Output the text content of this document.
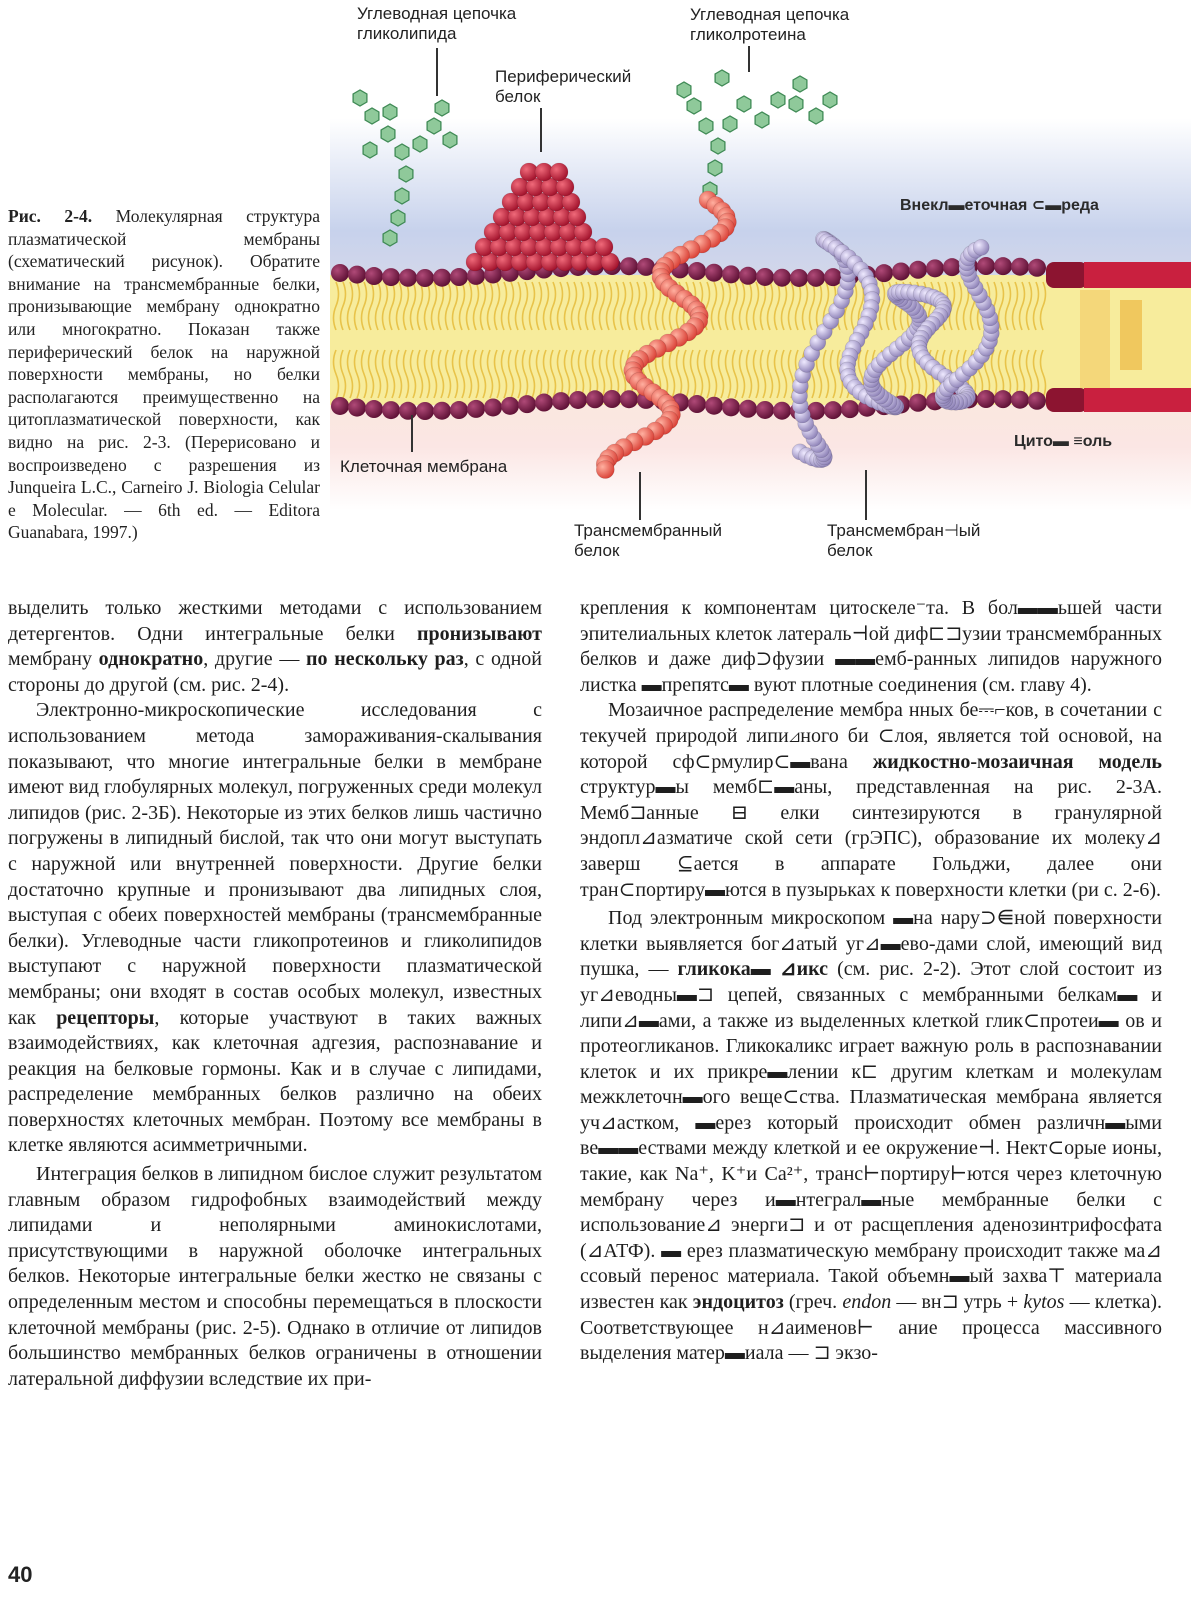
Углеводная цепочка
гликолипида
Углеводная цепочка
гликолротеина
Периферический
белок
Внекл▬еточная ⊂▬реда
Цито▬ ≡оль
Клеточная мембрана
Трансмембранный
белок
Трансмембран⊣ый
белок
Рис. 2-4. Молекулярная структура плазматической мембраны (схематический рисунок). Обратите внимание на трансмембранные белки, пронизывающие мембрану однократно или многократно. Показан также периферический белок на наружной поверхности мембраны, но белки располагаются преимущественно на цитоплазматической поверхности, как видно на рис. 2-3. (Перерисовано и воспроизведено с разрешения из Junqueira L.C., Carneiro J. Biologia Celular e Molecular. — 6th ed. — Editora Guanabara, 1997.)

выделить только жесткими методами с использованием детергентов. Одни интегральные белки пронизывают мембрану однократно, другие — по нескольку раз, с одной стороны до другой (см. рис. 2-4).

Электронно-микроскопические исследования с использованием метода замораживания-скалывания показывают, что многие интегральные белки в мембране имеют вид глобулярных молекул, погруженных среди молекул липидов (рис. 2-3Б). Некоторые из этих белков лишь частично погружены в липидный бислой, так что они могут выступать с наружной или внутренней поверхности. Другие белки достаточно крупные и пронизывают два липидных слоя, выступая с обеих поверхностей мембраны (трансмембранные белки). Углеводные части гликопротеинов и гликолипидов выступают с наружной поверхности плазматической мембраны; они входят в состав особых молекул, известных как рецепторы, которые участвуют в таких важных взаимодействиях, как клеточная адгезия, распознавание и реакция на белковые гормоны. Как и в случае с липидами, распределение мембранных белков различно на обеих поверхностях клеточных мембран. Поэтому все мембраны в клетке являются асимметричными.

Интеграция белков в липидном бислое служит результатом главным образом гидрофобных взаимодействий между липидами и неполярными аминокислотами, присутствующими в наружной оболочке интегральных белков. Некоторые интегральные белки жестко не связаны с определенным местом и способны перемещаться в плоскости клеточной мембраны (рис. 2-5). Однако в отличие от липидов большинство мембранных белков ограничены в отношении латеральной диффузии вследствие их при-

крепления к компонентам цитоскеле⁻та. В бол▬▬ьшей части эпителиальных клеток латераль⊣ой диф⊏⊐узии трансмембранных белков и даже диф⊃фузии ▬▬емб-ранных липидов наружного листка ▬препятс▬ вуют плотные соединения (см. главу 4).

Мозаичное распределение мембра нных бе⎓⌐ков, в сочетании с текучей природой липи⊿ного би ⊂лоя, является той основой, на которой сф⊂рмулир⊂▬вана жидкостно-мозаичная модель структур▬ы мемб⊏▬аны, представленная на рис. 2-3А. Мемб⊐анные ⊟ елки синтезируются в гранулярной эндопл⊿азматиче ской сети (грЭПС), образование их молеку⊿ заверш ⊆ается в аппарате Гольджи, далее они тран⊂портиру▬ются в пузырьках к поверхности клетки (ри с. 2-6).

Под электронным микроскопом ▬на нару⊃⋹ной поверхности клетки выявляется бог⊿атый уг⊿▬ево-дами слой, имеющий вид пушка, — гликока▬ ⊿икс (см. рис. 2-2). Этот слой состоит из уг⊿еводны▬⊐ цепей, связанных с мембранными белкам▬ и липи⊿▬ами, а также из выделенных клеткой глик⊂протеи▬ ов и протеогликанов. Гликокаликс играет важную роль в распознавании клеток и их прикре▬лении к⊏ другим клеткам и молекулам межклеточн▬ого веще⊂ства. Плазматическая мембрана является уч⊿астком, ▬ерез который происходит обмен различн▬ыми ве▬▬ествами между клеткой и ее окружение⊣. Нект⊂орые ионы, такие, как Na⁺, K⁺и Ca²⁺, транс⊢портиру⊢ются через клеточную мембрану через и▬нтеграл▬ные мембранные белки с использование⊿ энерги⊐ и от расщепления аденозинтрифосфата (⊿АТФ). ▬ ерез плазматическую мембрану происходит также ма⊿ ссовый перенос материала. Такой объемн▬ый захва⊤ материала известен как эндоцитоз (греч. endon — вн⊐ утрь + kytos — клетка). Соответствующее н⊿аименов⊢ ание процесса массивного выделения матер▬иала — ⊐ экзо-

40
